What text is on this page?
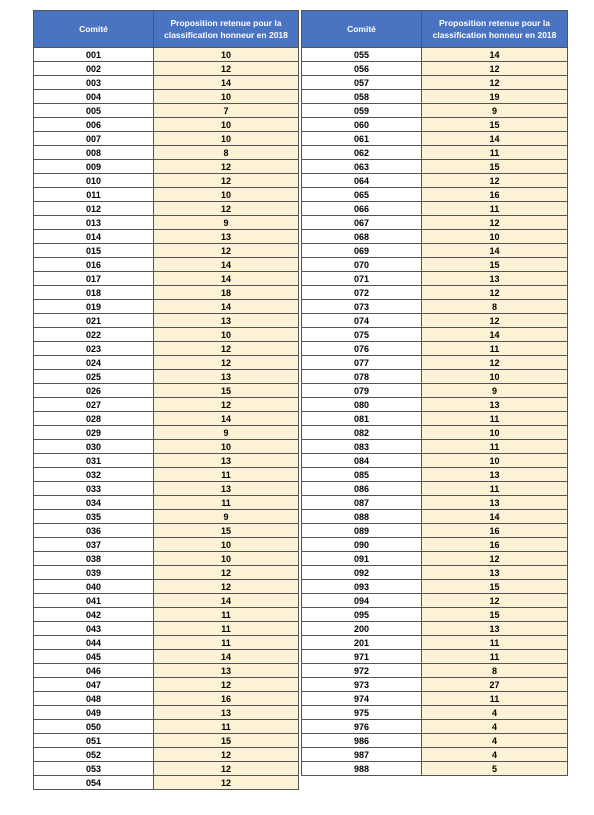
Comité	Proposition retenue pour la classification honneur en 2018
001	10
002	12
003	14
004	10
005	7
006	10
007	10
008	8
009	12
010	12
011	10
012	12
013	9
014	13
015	12
016	14
017	14
018	18
019	14
021	13
022	10
023	12
024	12
025	13
026	15
027	12
028	14
029	9
030	10
031	13
032	11
033	13
034	11
035	9
036	15
037	10
038	10
039	12
040	12
041	14
042	11
043	11
044	11
045	14
046	13
047	12
048	16
049	13
050	11
051	15
052	12
053	12
054	12
Comité	Proposition retenue pour la classification honneur en 2018
055	14
056	12
057	12
058	19
059	9
060	15
061	14
062	11
063	15
064	12
065	16
066	11
067	12
068	10
069	14
070	15
071	13
072	12
073	8
074	12
075	14
076	11
077	12
078	10
079	9
080	13
081	11
082	10
083	11
084	10
085	13
086	11
087	13
088	14
089	16
090	16
091	12
092	13
093	15
094	12
095	15
200	13
201	11
971	11
972	8
973	27
974	11
975	4
976	4
986	4
987	4
988	5
